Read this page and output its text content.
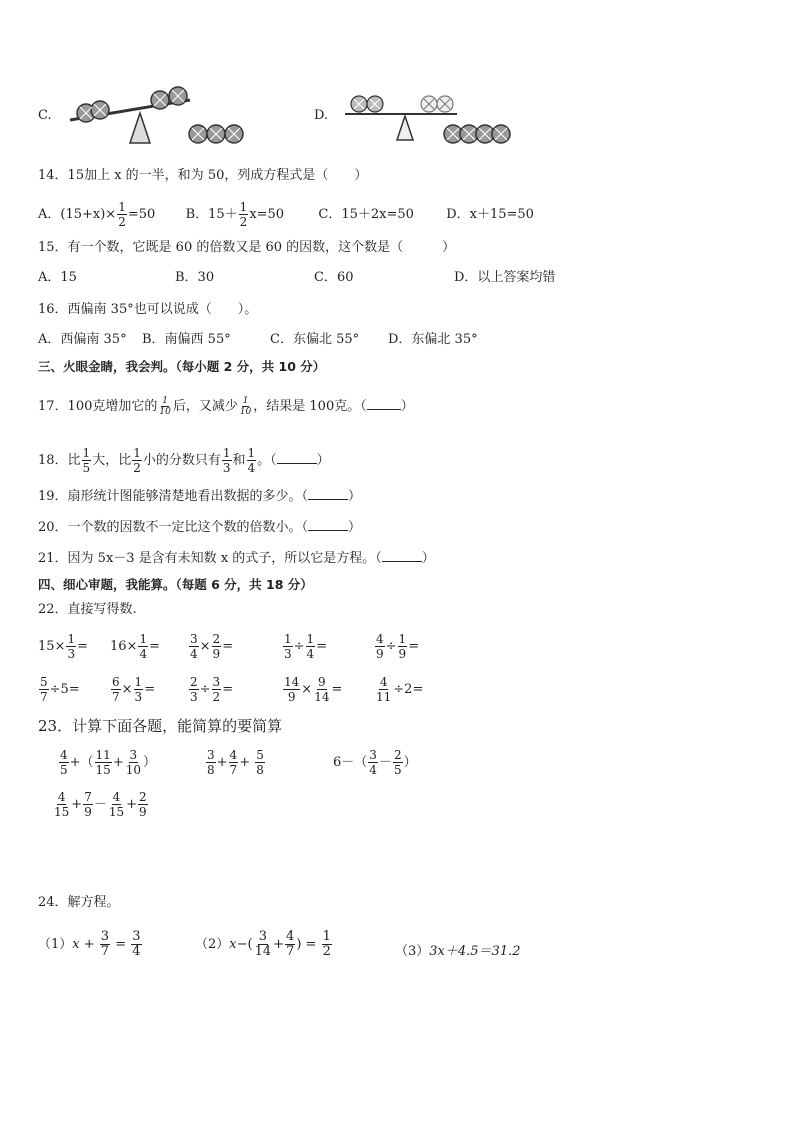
C.	D.
14．15加上 x 的一半，和为 50，列成方程式是（　　）
A．$(15+x)\times \frac{1}{2} =50$ B．$15+ \frac{1}{2} x=50$	C．15＋2x=50 D．x＋15=50
15．有一个数，它既是 60 的倍数又是 60 的因数，这个数是（　　　）
A．15	B．30	C．60	D．以上答案均错
16．西偏南 35°也可以说成（　　）。
A．西偏南 35° B．南偏西 55°	C．东偏北 55° D．东偏北 35°
三、火眼金睛，我会判。（每小题 2 分，共 10 分）
17．100克增加它的 $\frac{1}{10}$ 后，又减少 $\frac{1}{10}$ ，结果是 100克。（	）
18．比 $\frac{1}{5}$ 大，比 $\frac{1}{2}$ 小的分数只有 $\frac{1}{3}$ 和 $\frac{1}{4}$ 。（	）
19．扇形统计图能够清楚地看出数据的多少。（	）
20．一个数的因数不一定比这个数的倍数小。（	）
21．因为 5x－3 是含有未知数 x 的式子，所以它是方程。（	）
四、细心审题，我能算。（每题 6 分，共 18 分）
22．直接写得数.
$15\times \frac{1}{3} = 16\times \frac{1}{4} = \frac{3}{4} \times \frac{2}{9}$ =	$\frac{1}{3} \div \frac{1}{4}$ =	$\frac{4}{9} \div \frac{1}{9}$ =
$\frac{5}{7} \div 5=$	$\frac{6}{7} \times \frac{1}{3}$ =	$\frac{2}{3} \div \frac{3}{2}$ =	$\frac{14}{9} \times \frac{9}{14}$ =	$\frac{4}{11} \div 2=$
23．计算下面各题，能简算的要简算
$\frac{4}{5}$ +（ $\frac{11}{15} + \frac{3}{10}$ ）	$\frac{3}{8} + \frac{4}{7} + \frac{5}{8}$	$6-( \frac{3}{4} - \frac{2}{5}$ ）
$\frac{4}{15} + \frac{7}{9} - \frac{4}{15} + \frac{2}{9}$
24．解方程。
$(1)x + \frac{3}{7} = \frac{3}{4}$	$(2)x-( \frac{3}{14} + \frac{4}{7}$ ) = $\frac{1}{2}$	（3）3x＋4.5＝31.2
